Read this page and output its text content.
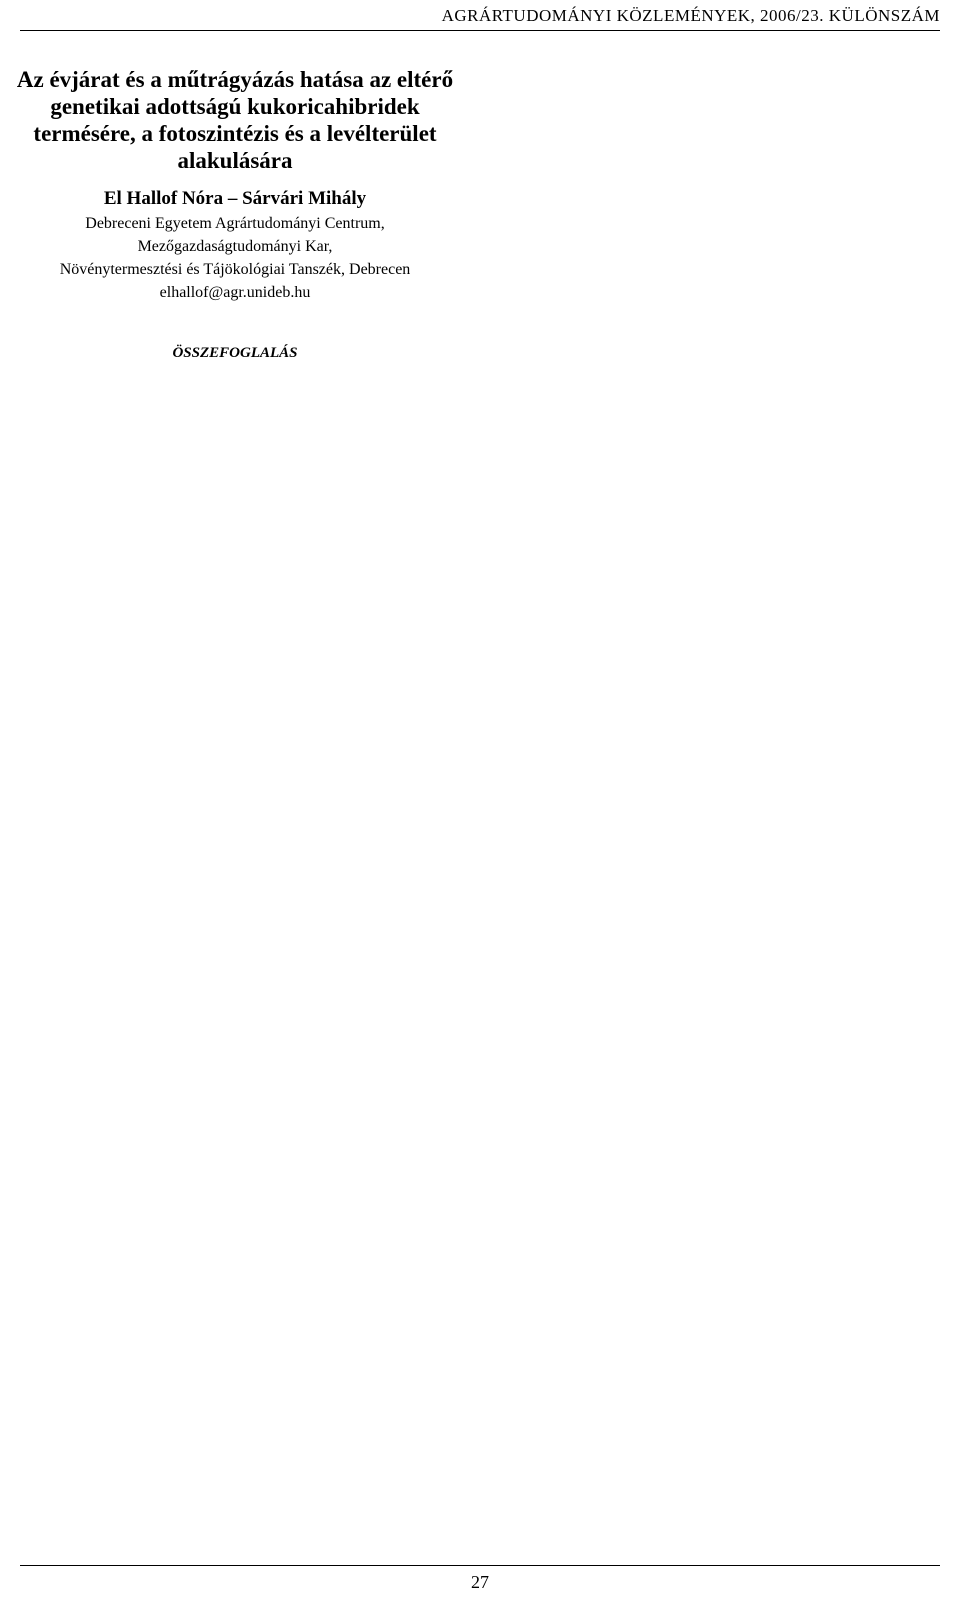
AGRÁRTUDOMÁNYI KÖZLEMÉNYEK, 2006/23. KÜLÖNSZÁM

Az évjárat és a műtrágyázás hatása az eltérő genetikai adottságú kukoricahibridek termésére, a fotoszintézis és a levélterület alakulására

El Hallof Nóra – Sárvári Mihály

Debreceni Egyetem Agrártudományi Centrum,

Mezőgazdaságtudományi Kar,

Növénytermesztési és Tájökológiai Tanszék, Debrecen

elhallof@agr.unideb.hu

ÖSSZEFOGLALÁS
27
